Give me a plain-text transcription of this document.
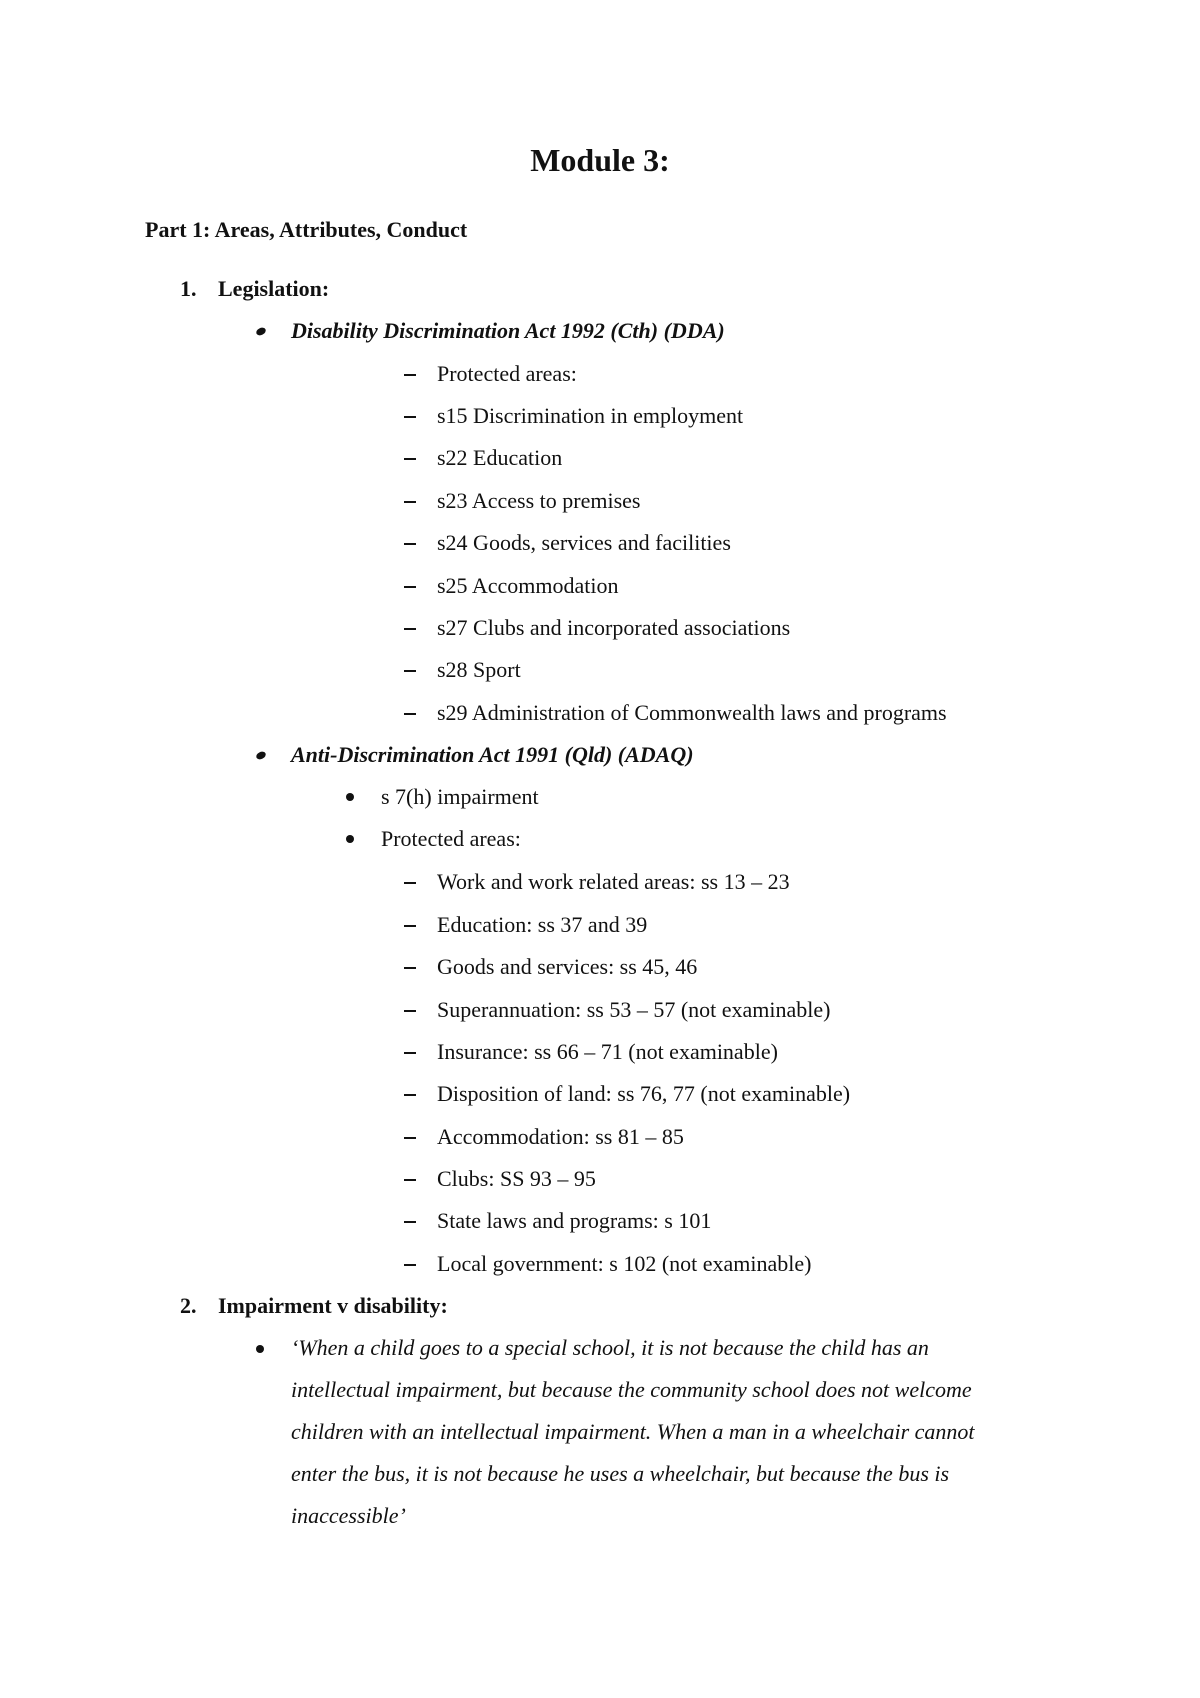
Module 3:
Part 1: Areas, Attributes, Conduct
1. Legislation:
Disability Discrimination Act 1992 (Cth) (DDA)
Protected areas:
s15 Discrimination in employment
s22 Education
s23 Access to premises
s24 Goods, services and facilities
s25 Accommodation
s27 Clubs and incorporated associations
s28 Sport
s29 Administration of Commonwealth laws and programs
Anti-Discrimination Act 1991 (Qld) (ADAQ)
s 7(h) impairment
Protected areas:
Work and work related areas: ss 13 – 23
Education: ss 37 and 39
Goods and services: ss 45, 46
Superannuation: ss 53 – 57 (not examinable)
Insurance: ss 66 – 71 (not examinable)
Disposition of land: ss 76, 77 (not examinable)
Accommodation: ss 81 – 85
Clubs: SS 93 – 95
State laws and programs: s 101
Local government: s 102 (not examinable)
2. Impairment v disability:
‘When a child goes to a special school, it is not because the child has an
intellectual impairment, but because the community school does not welcome
children with an intellectual impairment. When a man in a wheelchair cannot
enter the bus, it is not because he uses a wheelchair, but because the bus is
inaccessible’
